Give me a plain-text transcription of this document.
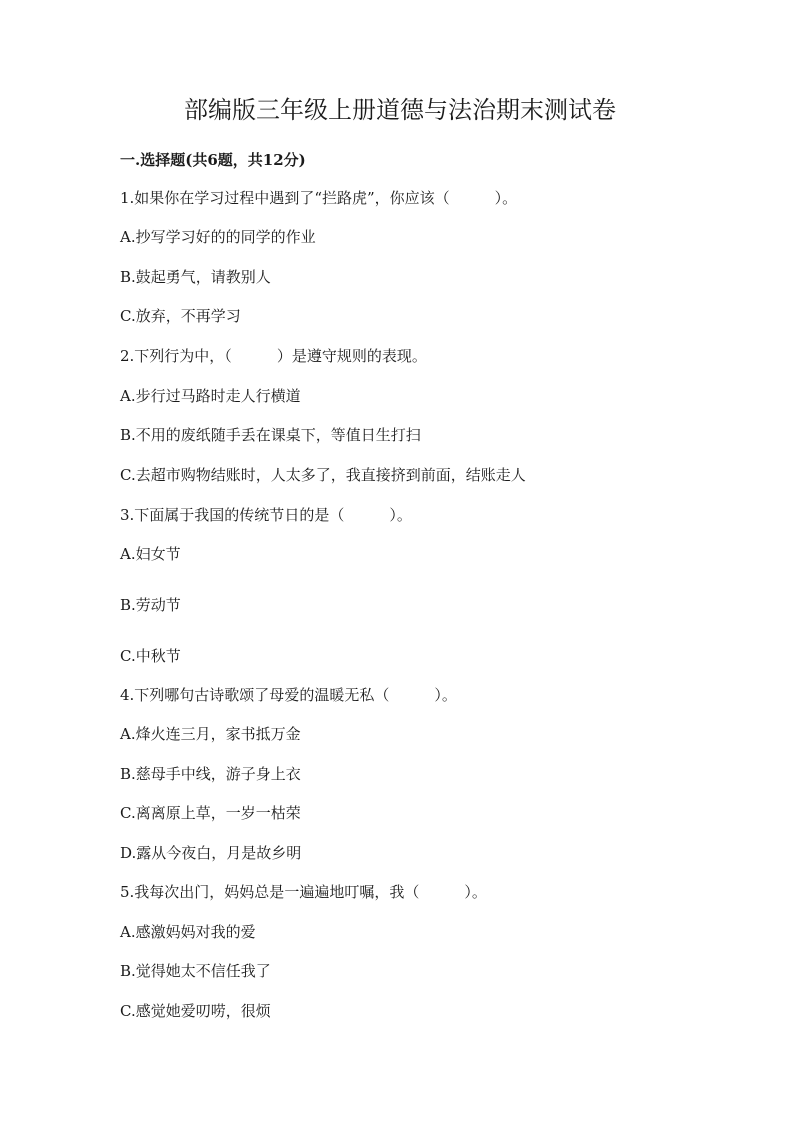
部编版三年级上册道德与法治期末测试卷
一.选择题(共6题，共12分)
1.如果你在学习过程中遇到了“拦路虎”，你应该（　　　）。
A.抄写学习好的的同学的作业
B.鼓起勇气，请教别人
C.放弃，不再学习
2.下列行为中，（　　　）是遵守规则的表现。
A.步行过马路时走人行横道
B.不用的废纸随手丢在课桌下，等值日生打扫
C.去超市购物结账时，人太多了，我直接挤到前面，结账走人
3.下面属于我国的传统节日的是（　　　）。
A.妇女节
B.劳动节
C.中秋节
4.下列哪句古诗歌颂了母爱的温暖无私（　　　）。
A.烽火连三月，家书抵万金
B.慈母手中线，游子身上衣
C.离离原上草，一岁一枯荣
D.露从今夜白，月是故乡明
5.我每次出门，妈妈总是一遍遍地叮嘱，我（　　　）。
A.感激妈妈对我的爱
B.觉得她太不信任我了
C.感觉她爱叨唠，很烦
